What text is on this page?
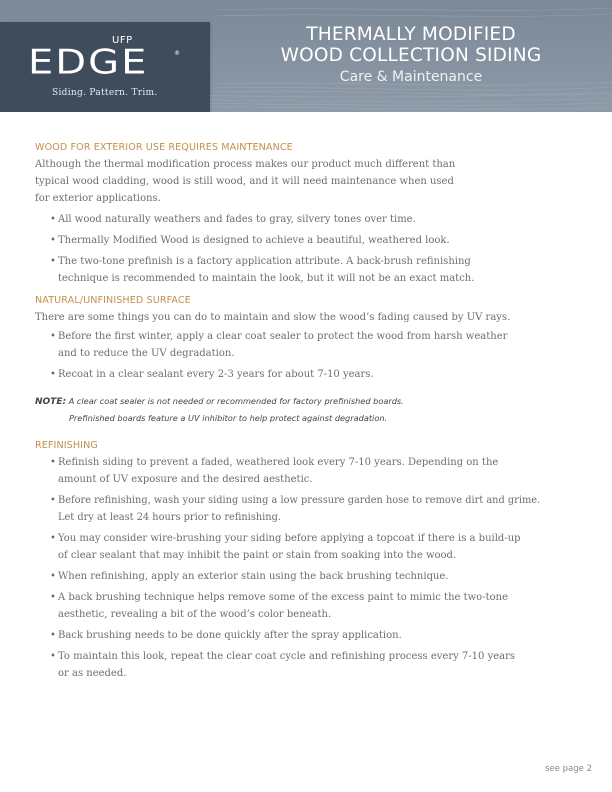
UFP
EDGE	®
Siding. Pattern. Trim.
THERMALLY MODIFIED
WOOD COLLECTION SIDING
Care & Maintenance
WOOD FOR EXTERIOR USE REQUIRES MAINTENANCE

Although the thermal modification process makes our product much different than
typical wood cladding, wood is still wood, and it will need maintenance when used
for exterior applications.

• All wood naturally weathers and fades to gray, silvery tones over time.
• Thermally Modified Wood is designed to achieve a beautiful, weathered look.
• The two-tone prefinish is a factory application attribute. A back-brush refinishing
technique is recommended to maintain the look, but it will not be an exact match.
NATURAL/UNFINISHED SURFACE

There are some things you can do to maintain and slow the wood’s fading caused by UV rays.

• Before the first winter, apply a clear coat sealer to protect the wood from harsh weather
and to reduce the UV degradation.
• Recoat in a clear sealant every 2-3 years for about 7-10 years.

NOTE: A clear coat sealer is not needed or recommended for factory prefinished boards.

Prefinished boards feature a UV inhibitor to help protect against degradation.

REFINISHING
• Refinish siding to prevent a faded, weathered look every 7-10 years. Depending on the
amount of UV exposure and the desired aesthetic.
• Before refinishing, wash your siding using a low pressure garden hose to remove dirt and grime.
Let dry at least 24 hours prior to refinishing.
• You may consider wire-brushing your siding before applying a topcoat if there is a build-up
of clear sealant that may inhibit the paint or stain from soaking into the wood.
• When refinishing, apply an exterior stain using the back brushing technique.
• A back brushing technique helps remove some of the excess paint to mimic the two-tone
aesthetic, revealing a bit of the wood’s color beneath.
• Back brushing needs to be done quickly after the spray application.
• To maintain this look, repeat the clear coat cycle and refinishing process every 7-10 years
or as needed.
see page 2
